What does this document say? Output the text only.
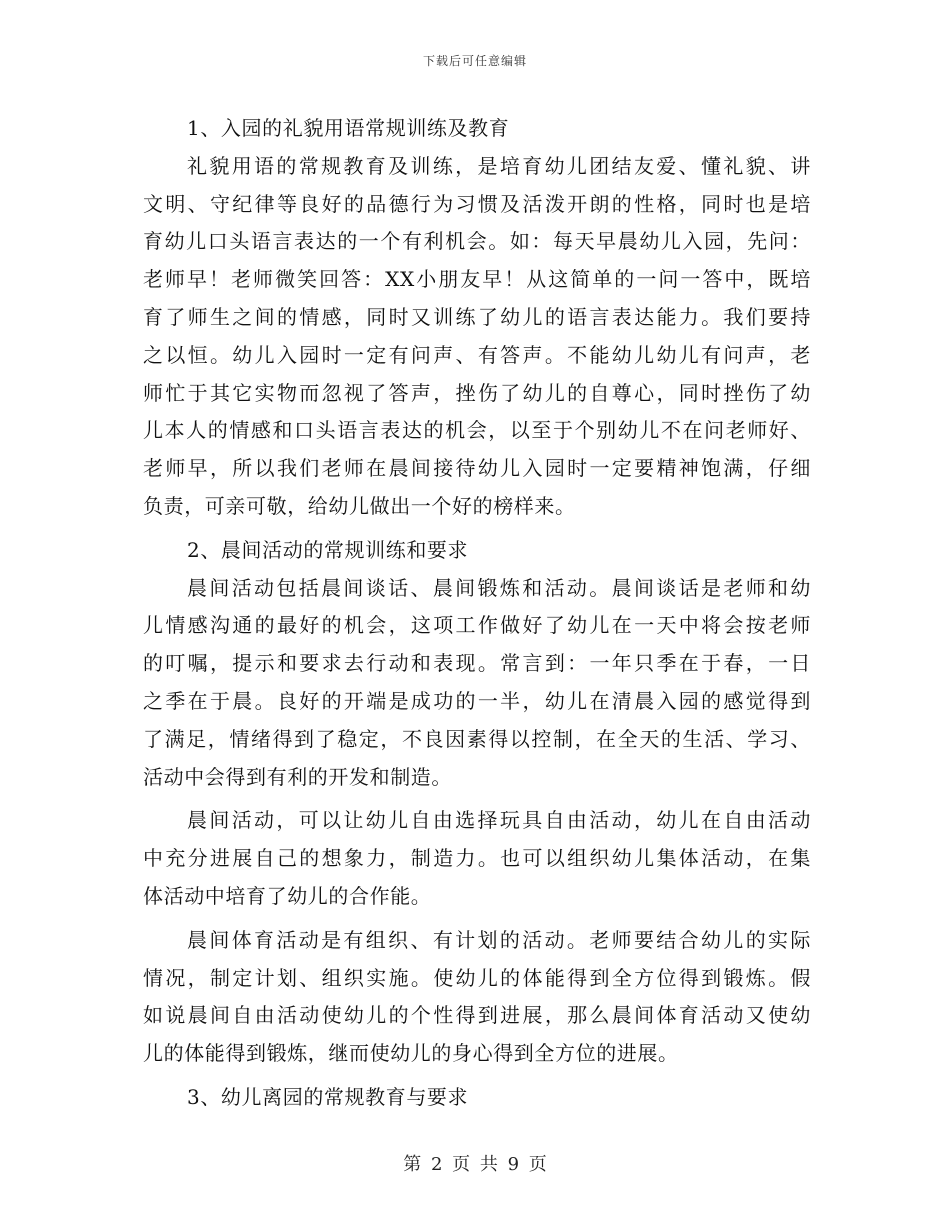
下载后可任意编辑
1、入园的礼貌用语常规训练及教育
礼貌用语的常规教育及训练，是培育幼儿团结友爱、懂礼貌、讲
文明、守纪律等良好的品德行为习惯及活泼开朗的性格，同时也是培
育幼儿口头语言表达的一个有利机会。如：每天早晨幼儿入园，先问：
老师早！老师微笑回答：XX小朋友早！从这简单的一问一答中，既培
育了师生之间的情感，同时又训练了幼儿的语言表达能力。我们要持
之以恒。幼儿入园时一定有问声、有答声。不能幼儿幼儿有问声，老
师忙于其它实物而忽视了答声，挫伤了幼儿的自尊心，同时挫伤了幼
儿本人的情感和口头语言表达的机会，以至于个别幼儿不在问老师好、
老师早，所以我们老师在晨间接待幼儿入园时一定要精神饱满，仔细
负责，可亲可敬，给幼儿做出一个好的榜样来。
2、晨间活动的常规训练和要求
晨间活动包括晨间谈话、晨间锻炼和活动。晨间谈话是老师和幼
儿情感沟通的最好的机会，这项工作做好了幼儿在一天中将会按老师
的叮嘱，提示和要求去行动和表现。常言到：一年只季在于春，一日
之季在于晨。良好的开端是成功的一半，幼儿在清晨入园的感觉得到
了满足，情绪得到了稳定，不良因素得以控制，在全天的生活、学习、
活动中会得到有利的开发和制造。
晨间活动，可以让幼儿自由选择玩具自由活动，幼儿在自由活动
中充分进展自己的想象力，制造力。也可以组织幼儿集体活动，在集
体活动中培育了幼儿的合作能。
晨间体育活动是有组织、有计划的活动。老师要结合幼儿的实际
情况，制定计划、组织实施。使幼儿的体能得到全方位得到锻炼。假
如说晨间自由活动使幼儿的个性得到进展，那么晨间体育活动又使幼
儿的体能得到锻炼，继而使幼儿的身心得到全方位的进展。
3、幼儿离园的常规教育与要求
第 2 页 共 9 页
